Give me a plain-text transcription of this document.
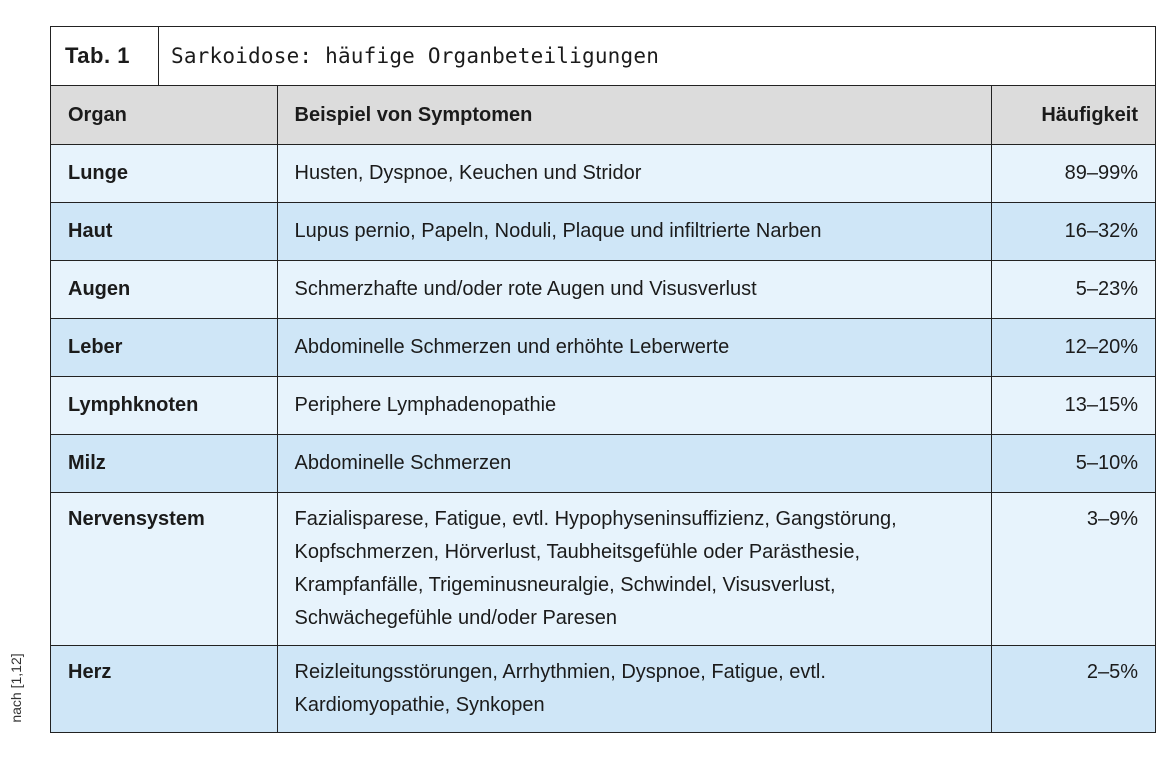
nach [1,12]
Tab. 1	Sarkoidose: häufige Organbeteiligungen
Organ	Beispiel von Symptomen	Häufigkeit
Lunge	Husten, Dyspnoe, Keuchen und Stridor	89–99%
Haut	Lupus pernio, Papeln, Noduli, Plaque und infiltrierte Narben	16–32%
Augen	Schmerzhafte und/oder rote Augen und Visusverlust	5–23%
Leber	Abdominelle Schmerzen und erhöhte Leberwerte	12–20%
Lymphknoten	Periphere Lymphadenopathie	13–15%
Milz	Abdominelle Schmerzen	5–10%
Nervensystem	Fazialisparese, Fatigue, evtl. Hypophyseninsuffizienz, Gangstörung, Kopfschmerzen, Hörverlust, Taubheitsgefühle oder Parästhesie, Krampfanfälle, Trigeminusneuralgie, Schwindel, Visusverlust, Schwächegefühle und/oder Paresen	3–9%
Herz	Reizleitungsstörungen, Arrhythmien, Dyspnoe, Fatigue, evtl. Kardiomyopathie, Synkopen	2–5%
